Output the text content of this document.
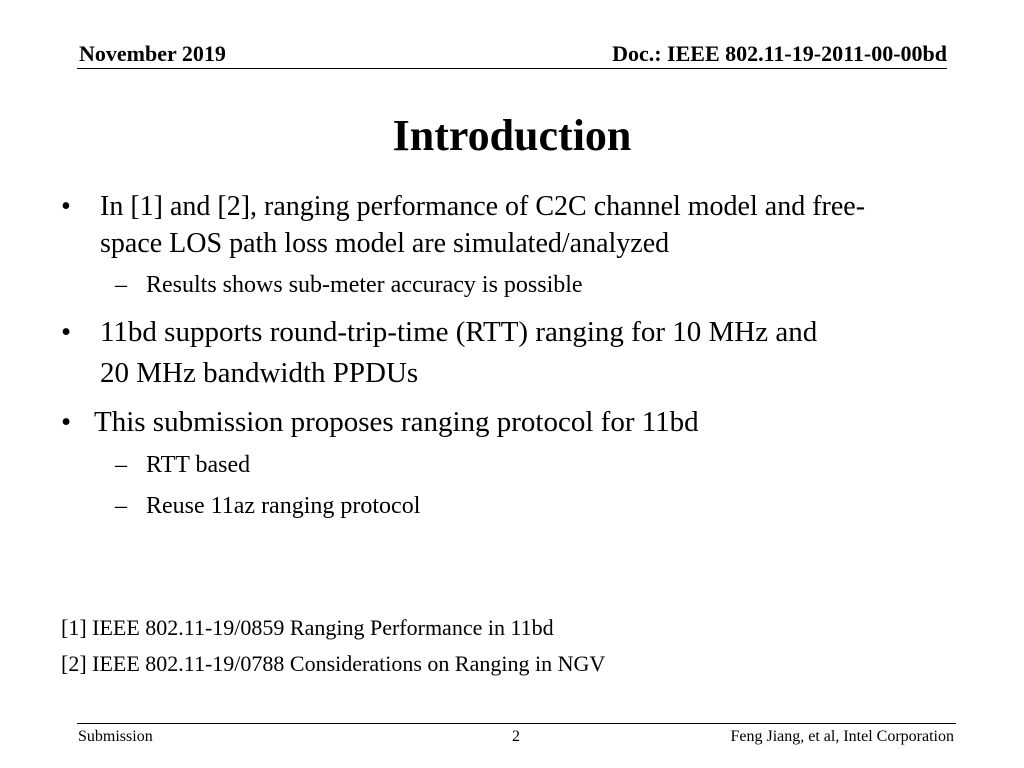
November 2019	Doc.: IEEE 802.11-19-2011-00-00bd
Introduction
• In [1] and [2], ranging performance of C2C channel model and free-
space LOS path loss model are simulated/analyzed
– Results shows sub-meter accuracy is possible
• 11bd supports round-trip-time (RTT) ranging for 10 MHz and
20 MHz bandwidth PPDUs
• This submission proposes ranging protocol for 11bd
– RTT based
– Reuse 11az ranging protocol
[1] IEEE 802.11-19/0859 Ranging Performance in 11bd
[2] IEEE 802.11-19/0788 Considerations on Ranging in NGV
Submission	2	Feng Jiang, et al, Intel Corporation
